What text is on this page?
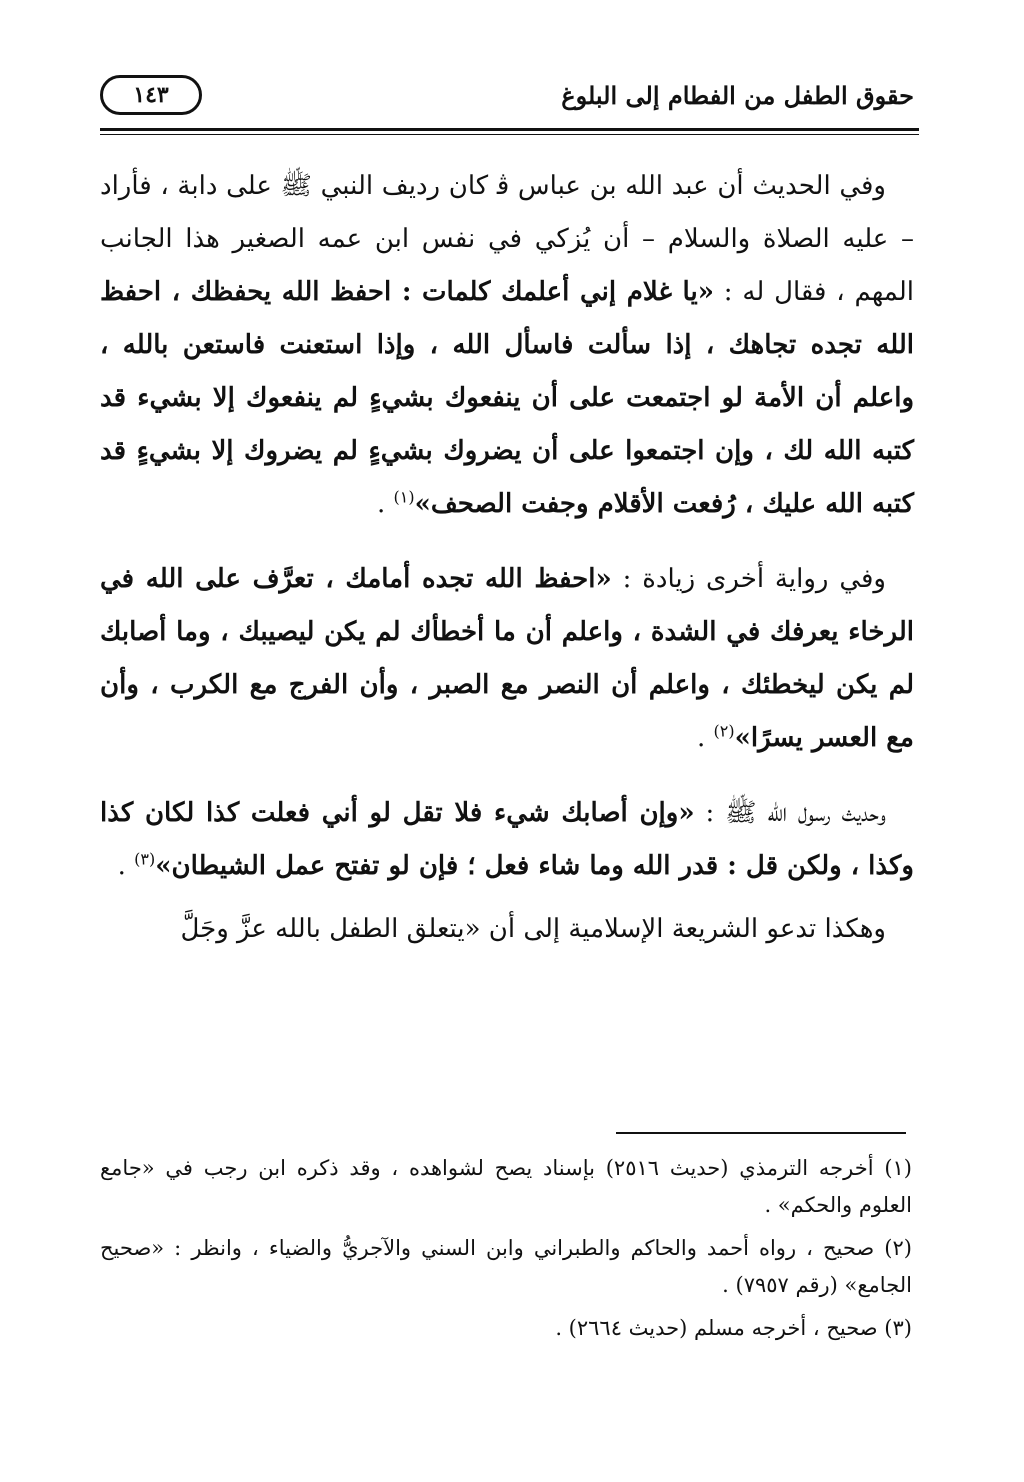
حقوق الطفل من الفطام إلى البلوغ
١٤٣

وفي الحديث أن عبد الله بن عباس ﭬ كان رديف النبي ﷺ على دابة ، فأراد – عليه الصلاة والسلام – أن يُزكي في نفس ابن عمه الصغير هذا الجانب المهم ، فقال له : «يا غلام إني أعلمك كلمات : احفظ الله يحفظك ، احفظ الله تجده تجاهك ، إذا سألت فاسأل الله ، وإذا استعنت فاستعن بالله ، واعلم أن الأمة لو اجتمعت على أن ينفعوك بشيءٍ لم ينفعوك إلا بشيء قد كتبه الله لك ، وإن اجتمعوا على أن يضروك بشيءٍ لم يضروك إلا بشيءٍ قد كتبه الله عليك ، رُفعت الأقلام وجفت الصحف»$^{(١)}$ .

وفي رواية أخرى زيادة : «احفظ الله تجده أمامك ، تعرَّف على الله في الرخاء يعرفك في الشدة ، واعلم أن ما أخطأك لم يكن ليصيبك ، وما أصابك لم يكن ليخطئك ، واعلم أن النصر مع الصبر ، وأن الفرج مع الكرب ، وأن مع العسر يسرًا»$^{(٢)}$ .

وحديث رسول الله ﷺ : «وإن أصابك شيء فلا تقل لو أني فعلت كذا لكان كذا وكذا ، ولكن قل : قدر الله وما شاء فعل ؛ فإن لو تفتح عمل الشيطان»$^{(٣)}$ .

وهكذا تدعو الشريعة الإسلامية إلى أن «يتعلق الطفل بالله عزَّ وجَلَّ

(١) أخرجه الترمذي (حديث ٢٥١٦) بإسناد يصح لشواهده ، وقد ذكره ابن رجب في «جامع العلوم والحكم» .

(٢) صحيح ، رواه أحمد والحاكم والطبراني وابن السني والآجريُّ والضياء ، وانظر : «صحيح الجامع» (رقم ٧٩٥٧) .

(٣) صحيح ، أخرجه مسلم (حديث ٢٦٦٤) .
